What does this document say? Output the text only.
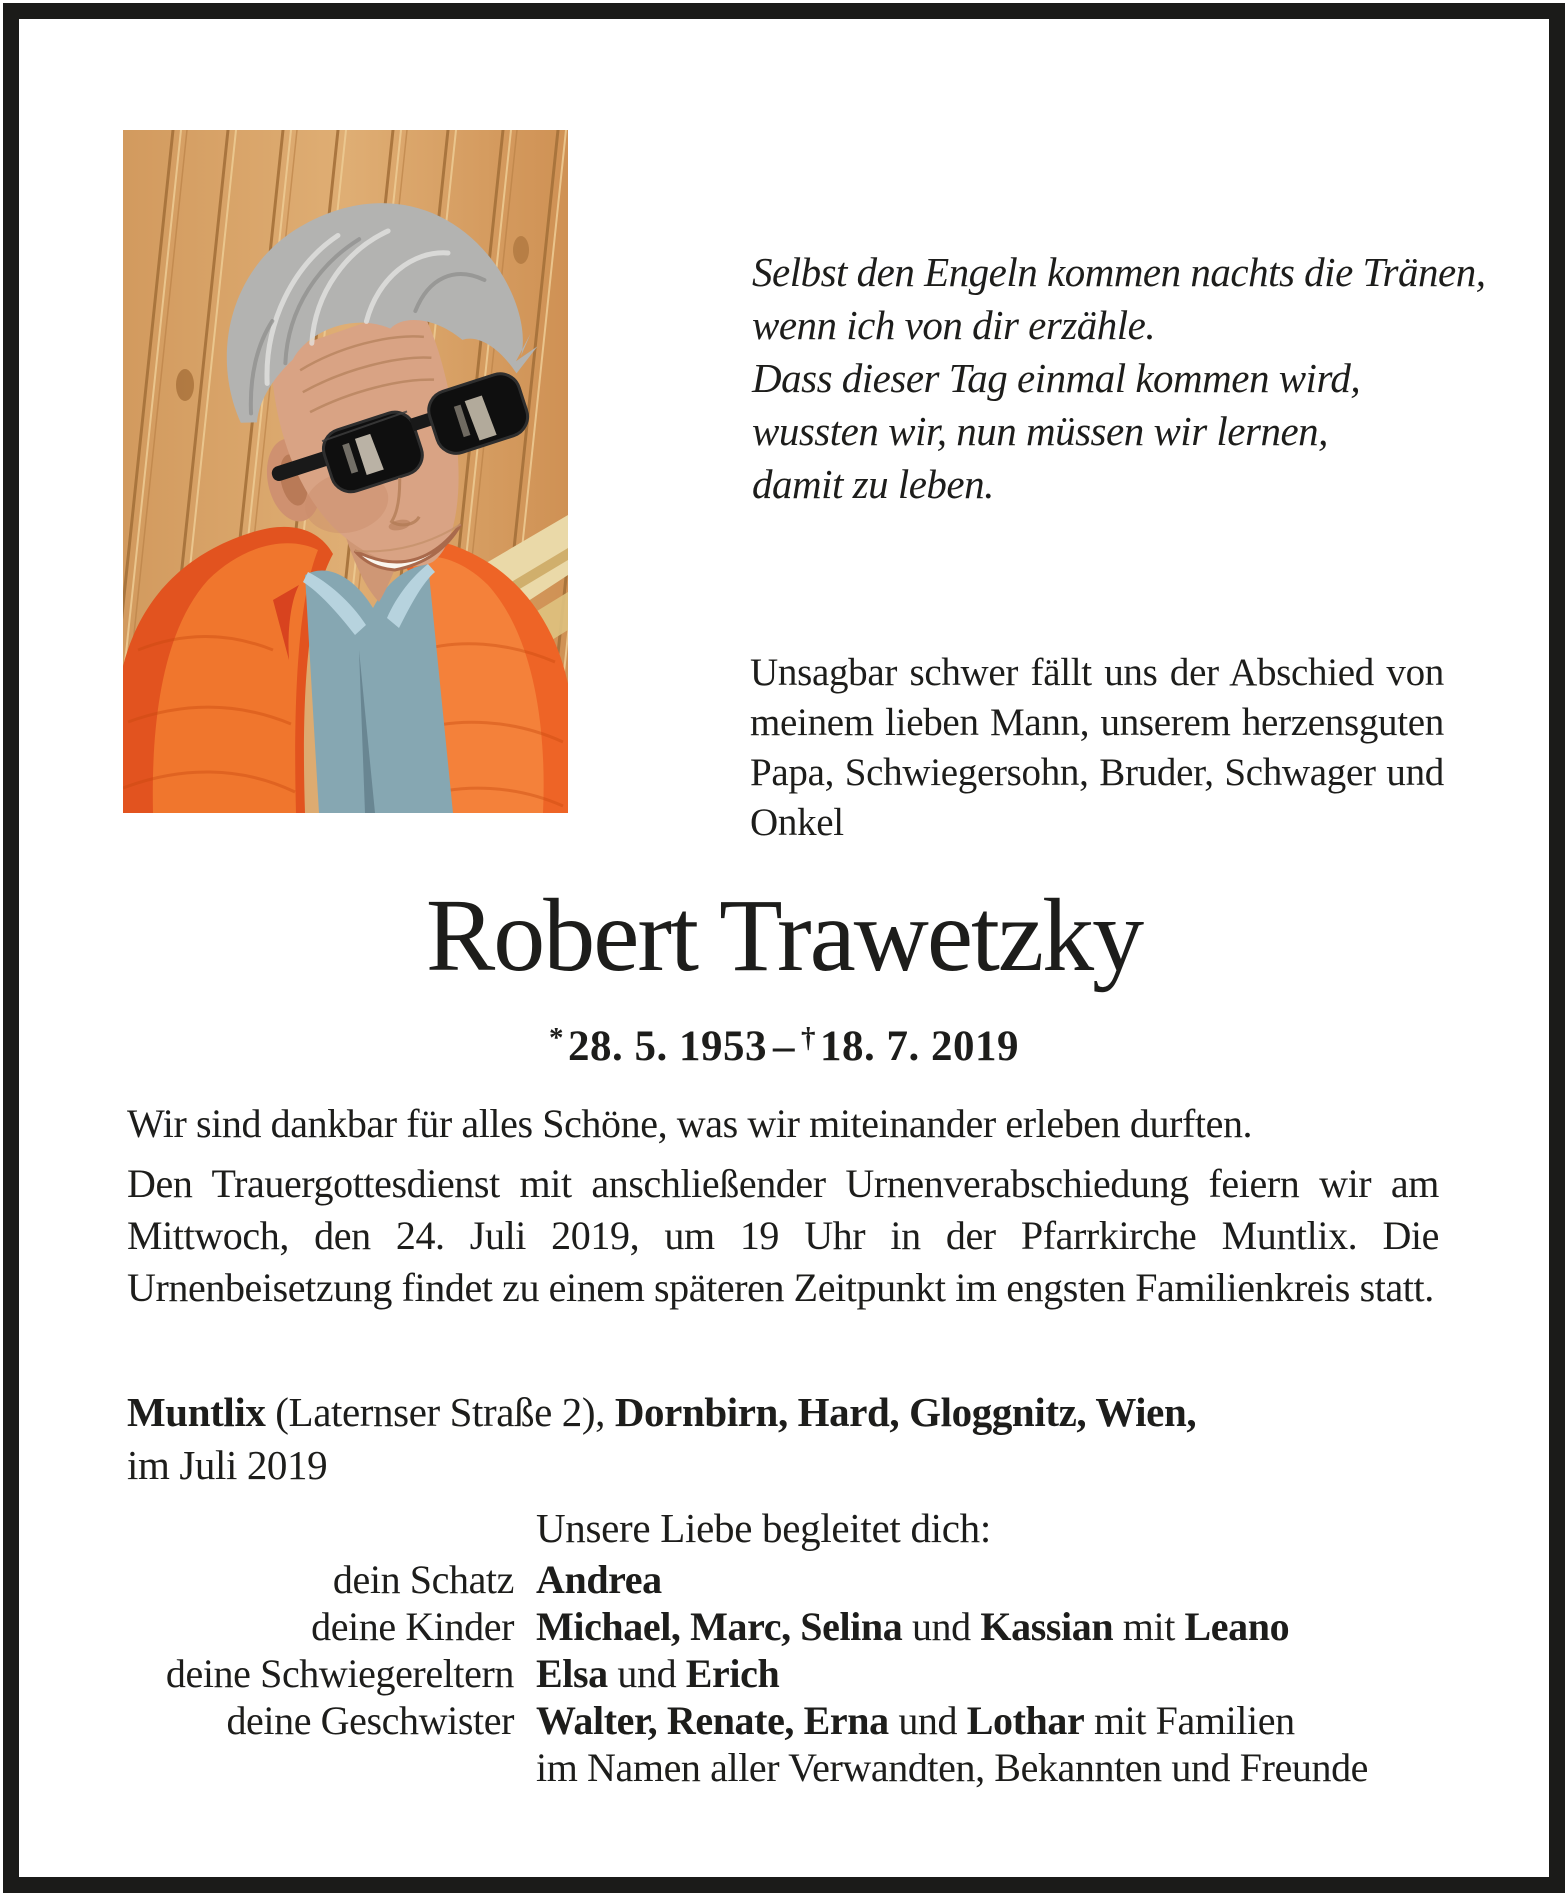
Selbst den Engeln kommen nachts die Tränen,
wenn ich von dir erzähle.
Dass dieser Tag einmal kommen wird,
wussten wir, nun müssen wir lernen,
damit zu leben.
Unsagbar schwer fällt uns der Abschied von meinem lieben Mann, unserem herzensguten Papa, Schwiegersohn, Bruder, Schwager und Onkel
Robert Trawetzky
*28. 5. 1953 – †18. 7. 2019
Wir sind dankbar für alles Schöne, was wir miteinander erleben durften.
Den Trauergottesdienst mit anschließender Urnenverabschiedung feiern wir am Mittwoch, den 24. Juli 2019, um 19 Uhr in der Pfarrkirche Muntlix. Die Urnenbeisetzung findet zu einem späteren Zeitpunkt im engsten Familienkreis statt.
Muntlix (Laternser Straße 2), Dornbirn, Hard, Gloggnitz, Wien,
im Juli 2019
Unsere Liebe begleitet dich:
dein Schatz Andrea
deine Kinder Michael, Marc, Selina und Kassian mit Leano
deine Schwiegereltern Elsa und Erich
deine Geschwister Walter, Renate, Erna und Lothar mit Familien
im Namen aller Verwandten, Bekannten und Freunde
